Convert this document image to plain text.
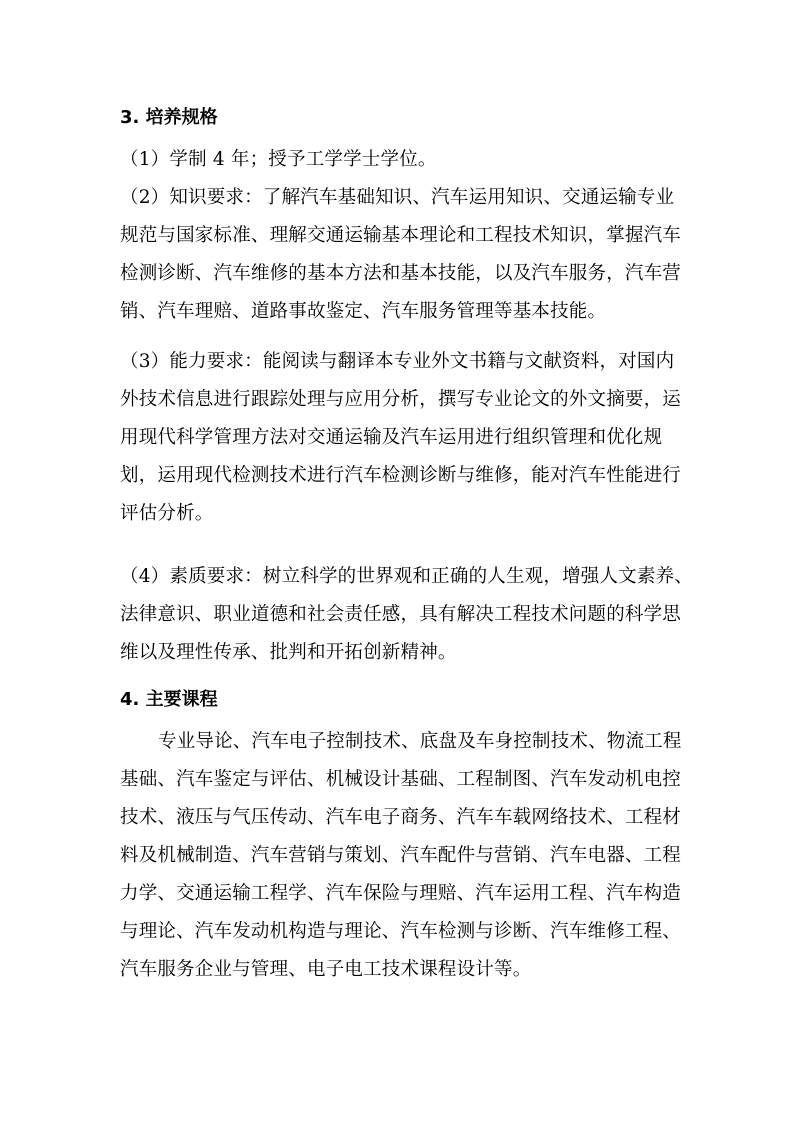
3. 培养规格

（1）学制 4 年；授予工学学士学位。

（2）知识要求：了解汽车基础知识、汽车运用知识、交通运输专业
规范与国家标准、理解交通运输基本理论和工程技术知识，掌握汽车
检测诊断、汽车维修的基本方法和基本技能，以及汽车服务，汽车营
销、汽车理赔、道路事故鉴定、汽车服务管理等基本技能。

（3）能力要求：能阅读与翻译本专业外文书籍与文献资料，对国内
外技术信息进行跟踪处理与应用分析，撰写专业论文的外文摘要，运
用现代科学管理方法对交通运输及汽车运用进行组织管理和优化规
划，运用现代检测技术进行汽车检测诊断与维修，能对汽车性能进行
评估分析。

（4）素质要求：树立科学的世界观和正确的人生观，增强人文素养、
法律意识、职业道德和社会责任感，具有解决工程技术问题的科学思
维以及理性传承、批判和开拓创新精神。

4. 主要课程

专业导论、汽车电子控制技术、底盘及车身控制技术、物流工程
基础、汽车鉴定与评估、机械设计基础、工程制图、汽车发动机电控
技术、液压与气压传动、汽车电子商务、汽车车载网络技术、工程材
料及机械制造、汽车营销与策划、汽车配件与营销、汽车电器、工程
力学、交通运输工程学、汽车保险与理赔、汽车运用工程、汽车构造
与理论、汽车发动机构造与理论、汽车检测与诊断、汽车维修工程、
汽车服务企业与管理、电子电工技术课程设计等。
